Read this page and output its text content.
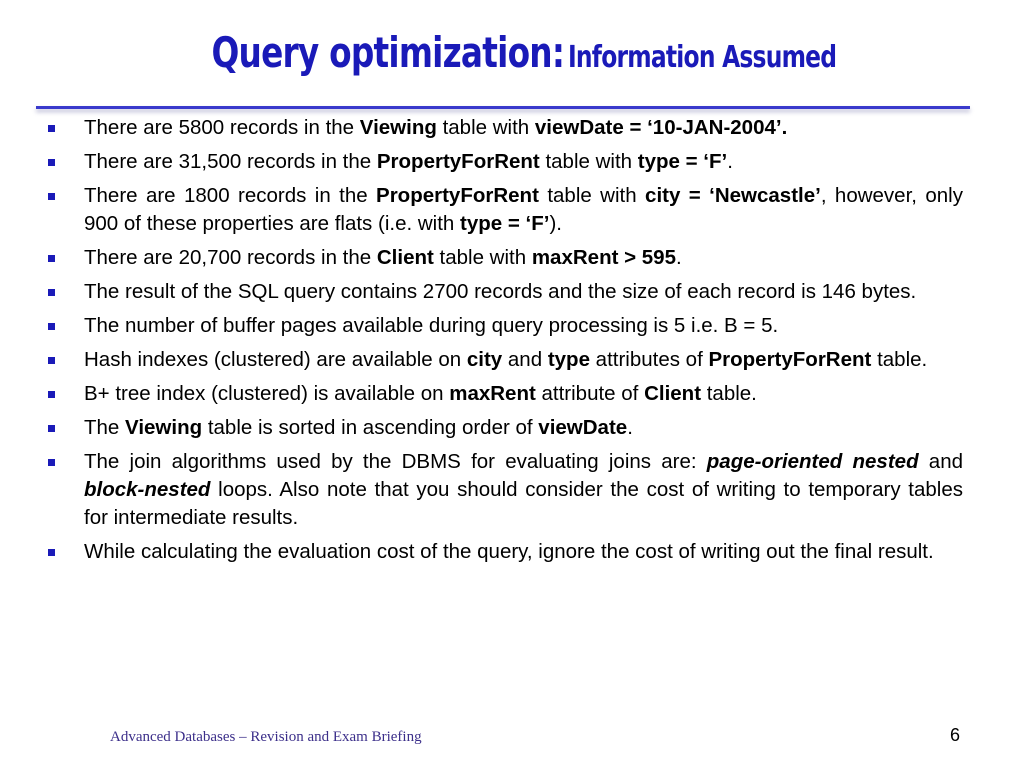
Query optimization: Information Assumed
There are 5800 records in the Viewing table with viewDate = ‘10-JAN-2004’.
There are 31,500 records in the PropertyForRent table with type = ‘F’.
There are 1800 records in the PropertyForRent table with city = ‘Newcastle’, however, only 900 of these properties are flats (i.e. with type = ‘F’).
There are 20,700 records in the Client table with maxRent > 595.
The result of the SQL query contains 2700 records and the size of each record is 146 bytes.
The number of buffer pages available during query processing is 5 i.e. B = 5.
Hash indexes (clustered) are available on city and type attributes of PropertyForRent table.
B+ tree index (clustered) is available on maxRent attribute of Client table.
The Viewing table is sorted in ascending order of viewDate.
The join algorithms used by the DBMS for evaluating joins are: page-oriented nested and block-nested loops. Also note that you should consider the cost of writing to temporary tables for intermediate results.
While calculating the evaluation cost of the query, ignore the cost of writing out the final result.
Advanced Databases – Revision and Exam Briefing	6
